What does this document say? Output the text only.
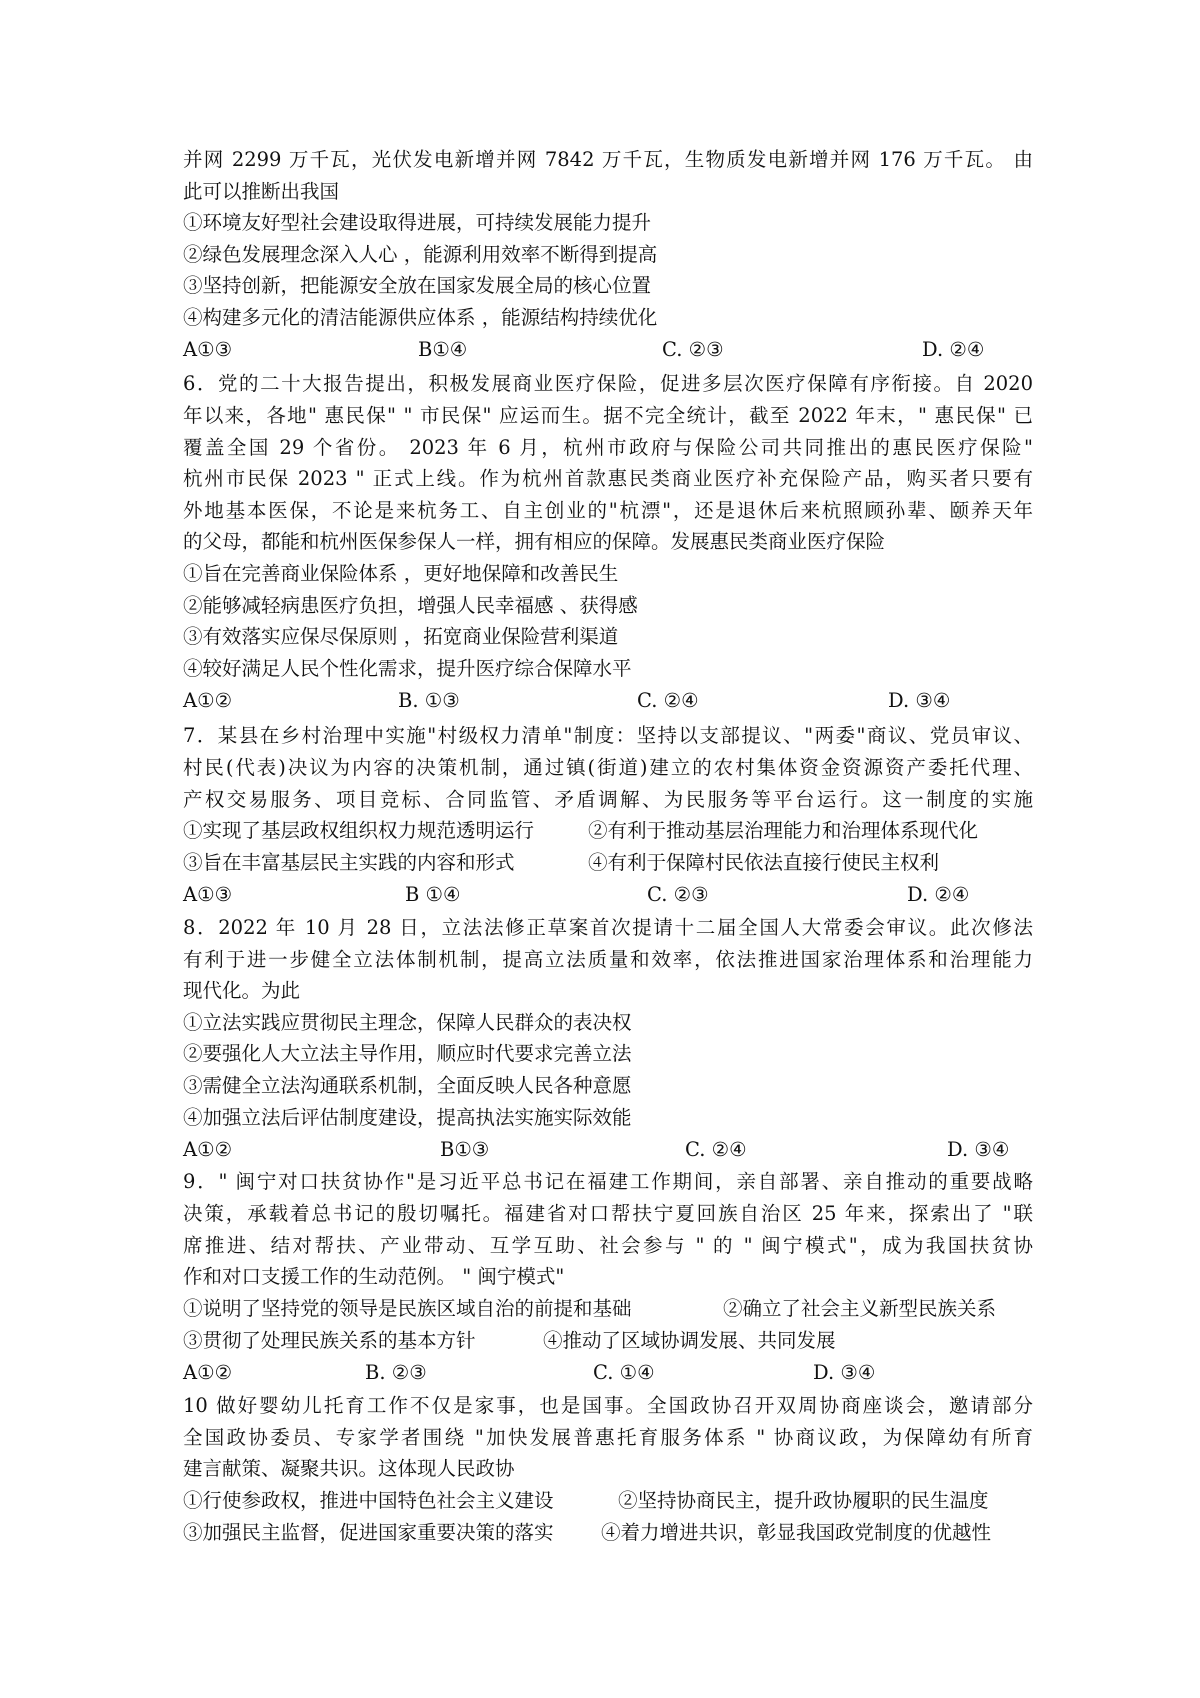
并网 2299 万千瓦，光伏发电新增并网 7842 万千瓦，生物质发电新增并网 176 万千瓦。 由
此可以推断出我国
①环境友好型社会建设取得进展，可持续发展能力提升
②绿色发展理念深入人心 ，能源利用效率不断得到提高
③坚持创新，把能源安全放在国家发展全局的核心位置
④构建多元化的清洁能源供应体系 ，能源结构持续优化
A①③	B①④	C. ②③	D. ②④
6．党的二十大报告提出，积极发展商业医疗保险，促进多层次医疗保障有序衔接。自 2020
年以来，各地" 惠民保" " 市民保" 应运而生。据不完全统计，截至 2022 年末，" 惠民保" 已
覆盖全国 29 个省份。 2023 年 6 月，杭州市政府与保险公司共同推出的惠民医疗保险"
杭州市民保 2023 " 正式上线。作为杭州首款惠民类商业医疗补充保险产品，购买者只要有
外地基本医保，不论是来杭务工、自主创业的"杭漂"，还是退休后来杭照顾孙辈、颐养天年
的父母，都能和杭州医保参保人一样，拥有相应的保障。发展惠民类商业医疗保险
①旨在完善商业保险体系 ，更好地保障和改善民生
②能够减轻病患医疗负担，增强人民幸福感 、获得感
③有效落实应保尽保原则 ，拓宽商业保险营利渠道
④较好满足人民个性化需求，提升医疗综合保障水平
A①②	B. ①③	C. ②④	D. ③④
7．某县在乡村治理中实施"村级权力清单"制度：坚持以支部提议、"两委"商议、党员审议、
村民(代表)决议为内容的决策机制，通过镇(街道)建立的农村集体资金资源资产委托代理、
产权交易服务、项目竞标、合同监管、矛盾调解、为民服务等平台运行。这一制度的实施
①实现了基层政权组织权力规范透明运行	②有利于推动基层治理能力和治理体系现代化
③旨在丰富基层民主实践的内容和形式	④有利于保障村民依法直接行使民主权利
A①③	B ①④	C. ②③	D. ②④
8．2022 年 10 月 28 日，立法法修正草案首次提请十二届全国人大常委会审议。此次修法
有利于进一步健全立法体制机制，提高立法质量和效率，依法推进国家治理体系和治理能力
现代化。为此
①立法实践应贯彻民主理念，保障人民群众的表决权
②要强化人大立法主导作用，顺应时代要求完善立法
③需健全立法沟通联系机制，全面反映人民各种意愿
④加强立法后评估制度建设，提高执法实施实际效能
A①②	B①③	C. ②④	D. ③④
9．" 闽宁对口扶贫协作"是习近平总书记在福建工作期间，亲自部署、亲自推动的重要战略
决策，承载着总书记的殷切嘱托。福建省对口帮扶宁夏回族自治区 25 年来，探索出了 "联
席推进、结对帮扶、产业带动、互学互助、社会参与 " 的 " 闽宁模式"，成为我国扶贫协
作和对口支援工作的生动范例。 " 闽宁模式"
①说明了坚持党的领导是民族区域自治的前提和基础	②确立了社会主义新型民族关系
③贯彻了处理民族关系的基本方针	④推动了区域协调发展、共同发展
A①②	B. ②③	C. ①④	D. ③④
10 做好婴幼儿托育工作不仅是家事，也是国事。全国政协召开双周协商座谈会，邀请部分
全国政协委员、专家学者围绕 "加快发展普惠托育服务体系 " 协商议政，为保障幼有所育
建言献策、凝聚共识。这体现人民政协
①行使参政权，推进中国特色社会主义建设	②坚持协商民主，提升政协履职的民生温度
③加强民主监督，促进国家重要决策的落实 ④着力增进共识，彰显我国政党制度的优越性
